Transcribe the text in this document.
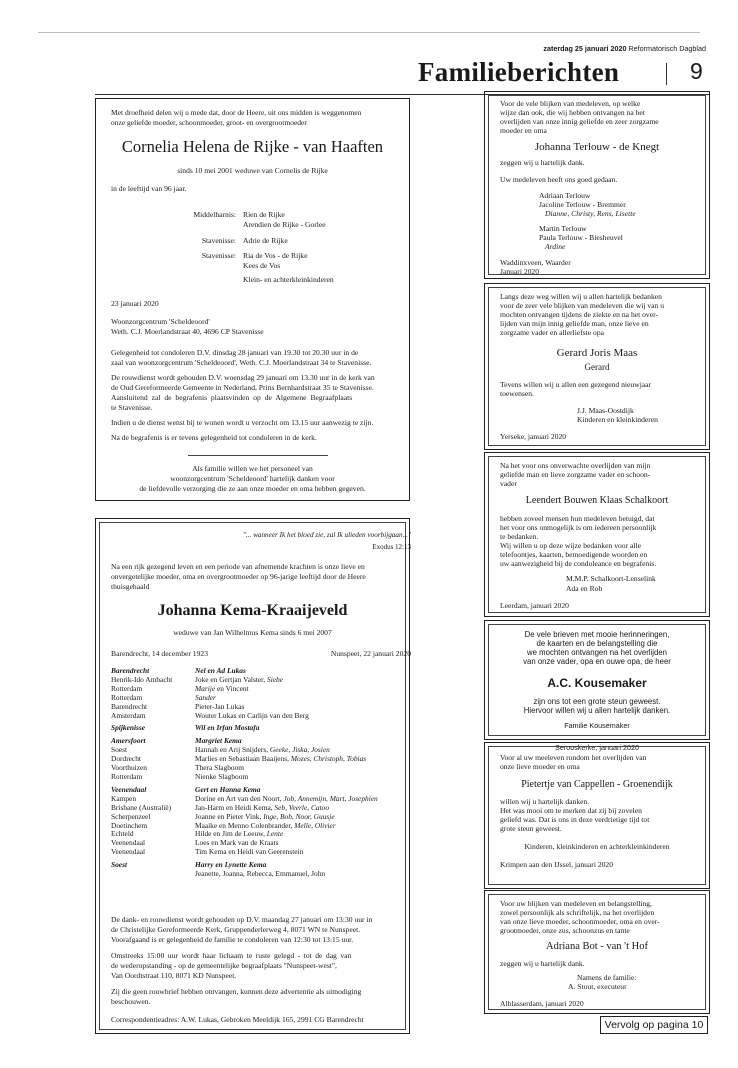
zaterdag 25 januari 2020 Reformatorisch Dagblad
Familieberichten	9
Met droefheid delen wij u mede dat, door de Heere, uit ons midden is weggenomen
onze geliefde moeder, schoonmoeder, groot- en overgrootmoeder
Cornelia Helena de Rijke - van Haaften
sinds 10 mei 2001 weduwe van Cornelis de Rijke
in de leeftijd van 96 jaar.
Middelharnis: Rien de Rijke
Arendien de Rijke - Gorlee
Stavenisse: Adrie de Rijke
Stavenisse: Ria de Vos - de Rijke
Kees de Vos
Klein- en achterkleinkinderen
23 januari 2020
Woonzorgcentrum 'Scheldeoord'
Weth. C.J. Moerlandstraat 40, 4696 CP Stavenisse
Gelegenheid tot condoleren D.V. dinsdag 28 januari van 19.30 tot 20.30 uur in de
zaal van woonzorgcentrum 'Scheldeoord', Weth. C.J. Moerlandstraat 34 te Stavenisse.
De rouwdienst wordt gehouden D.V. woensdag 29 januari om 13.30 uur in de kerk van
de Oud Gereformeerde Gemeente in Nederland, Prins Bernhardstraat 35 te Stavenisse.
Aansluitend zal de begrafenis plaatsvinden op de Algemene Begraafplaats
te Stavenisse.
Indien u de dienst wenst bij te wonen wordt u verzocht om 13.15 uur aanwezig te zijn.
Na de begrafenis is er tevens gelegenheid tot condoleren in de kerk.
Als familie willen we het personeel van
woonzorgcentrum 'Scheldeoord' hartelijk danken voor
de liefdevolle verzorging die ze aan onze moeder en oma hebben gegeven.
"... wanneer Ik het bloed zie, zal Ik ulieden voorbijgaan..."
Exodus 12:13
Na een rijk gezegend leven en een periode van afnemende krachten is onze lieve en
onvergetelijke moeder, oma en overgrootmoeder op 96-jarige leeftijd door de Heere
thuisgehaald
Johanna Kema-Kraaijeveld
weduwe van Jan Wilhelmus Kema sinds 6 mei 2007
Barendrecht, 14 december 1923	Nunspeet, 22 januari 2020
Barendrecht	Nel en Ad Lukas
Henrik-Ido Ambacht	Joke en Gertjan Valster, Siebe
Rotterdam	Marije en Vincent
Rotterdam	Sander
Barendrecht	Pieter-Jan Lukas
Amsterdam	Wouter Lukas en Carlijn van den Berg
Spijkenisse	Wil en Irfan Mostafa
Amersfoort	Margriet Kema
Soest	Hannah en Arij Snijders, Geeke, Jiska, Josien
Dordrecht	Marlies en Sebastiaan Baaijens, Mozes, Christoph, Tobias
Voorthuizen	Thera Slagboom
Rotterdam	Nienke Slagboom
Veenendaal	Gert en Hanna Kema
Kampen	Dorine en Art van den Noort, Job, Annemijn, Mart, Josephien
Brisbane (Australië)	Jan-Harm en Heidi Kema, Seb, Veerle, Catoo
Scherpenzeel	Joanne en Pieter Vink, Inge, Bob, Noor, Guusje
Doetinchem	Maaike en Menno Colenbrander, Melle, Olivier
Echteld	Hilde en Jim de Leeuw, Lente
Veenendaal	Loes en Mark van de Kraats
Veenendaal	Tim Kema en Heidi van Geerenstein
Soest	Harry en Lynette Kema
Jeanette, Joanna, Rebecca, Emmanuel, John
De dank- en rouwdienst wordt gehouden op D.V. maandag 27 januari om 13:30 uur in
de Christelijke Gereformeerde Kerk, Gruppenderlerweg 4, 8071 WN te Nunspeet.
Voorafgaand is er gelegenheid de familie te condoleren van 12:30 tot 13:15 uur.
Omstreeks 15:00 uur wordt haar lichaam te ruste gelegd - tot de dag van
de wederopstanding - op de gemeentelijke begraafplaats "Nunspeet-west",
Van Oordtstraat 110, 8071 KD Nunspeet.
Zij die geen rouwbrief hebben ontvangen, kunnen deze advertentie als uitnodiging
beschouwen.
Correspondentieadres: A.W. Lukas, Gebroken Meeldijk 165, 2991 CG Barendrecht
Voor de vele blijken van medeleven, op welke
wijze dan ook, die wij hebben ontvangen na het
overlijden van onze innig geliefde en zeer zorgzame
moeder en oma
Johanna Terlouw - de Knegt
zeggen wij u hartelijk dank.
Uw medeleven heeft ons goed gedaan.
Adriaan Terlouw
Jacoline Terlouw - Bremmer
Dianne, Christy, Rens, Lisette
Martin Terlouw
Paula Terlouw - Biesheuvel
Ardine
Waddinxveen, Waarder
Januari 2020
Langs deze weg willen wij u allen hartelijk bedanken
voor de zeer vele blijken van medeleven die wij van u
mochten ontvangen tijdens de ziekte en na het over-
lijden van mijn innig geliefde man, onze lieve en
zorgzame vader en allerliefste opa
Gerard Joris Maas
Gerard
Tevens willen wij u allen een gezegend nieuwjaar
toewensen.
J.J. Maas-Oostdijk
Kinderen en kleinkinderen
Yerseke, januari 2020
Na het voor ons onverwachte overlijden van mijn
geliefde man en lieve zorgzame vader en schoon-
vader
Leendert Bouwen Klaas Schalkoort
hebben zoveel mensen hun medeleven betuigd, dat
het voor ons onmogelijk is om iedereen persoonlijk
te bedanken.
Wij willen u op deze wijze bedanken voor alle
telefoontjes, kaarten, bemoedigende woorden en
uw aanwezigheid bij de condoleance en begrafenis.
M.M.P. Schalkoort-Lenselink
Ada en Rob
Leerdam, januari 2020
De vele brieven met mooie herinneringen,
de kaarten en de belangstelling die
we mochten ontvangen na het overlijden
van onze vader, opa en ouwe opa, de heer
A.C. Kousemaker
zijn ons tot een grote steun geweest.
Hiervoor willen wij u allen hartelijk danken.
Familie Kousemaker
Serooskerke, januari 2020
Voor al uw meeleven rondom het overlijden van
onze lieve moeder en oma
Pietertje van Cappellen - Groenendijk
willen wij u hartelijk danken.
Het was mooi om te merken dat zij bij zovelen
geliefd was. Dat is ons in deze verdrietige tijd tot
grote steun geweest.
Kinderen, kleinkinderen en achterkleinkinderen
Krimpen aan den IJssel, januari 2020
Voor uw blijken van medeleven en belangstelling,
zowel persoonlijk als schriftelijk, na het overlijden
van onze lieve moeder, schoonmoeder, oma en over-
grootmoeder, onze zus, schoonzus en tante
Adriana Bot - van 't Hof
zeggen wij u hartelijk dank.
Namens de familie:
A. Stout, executeur
Alblasserdam, januari 2020
Vervolg op pagina 10
